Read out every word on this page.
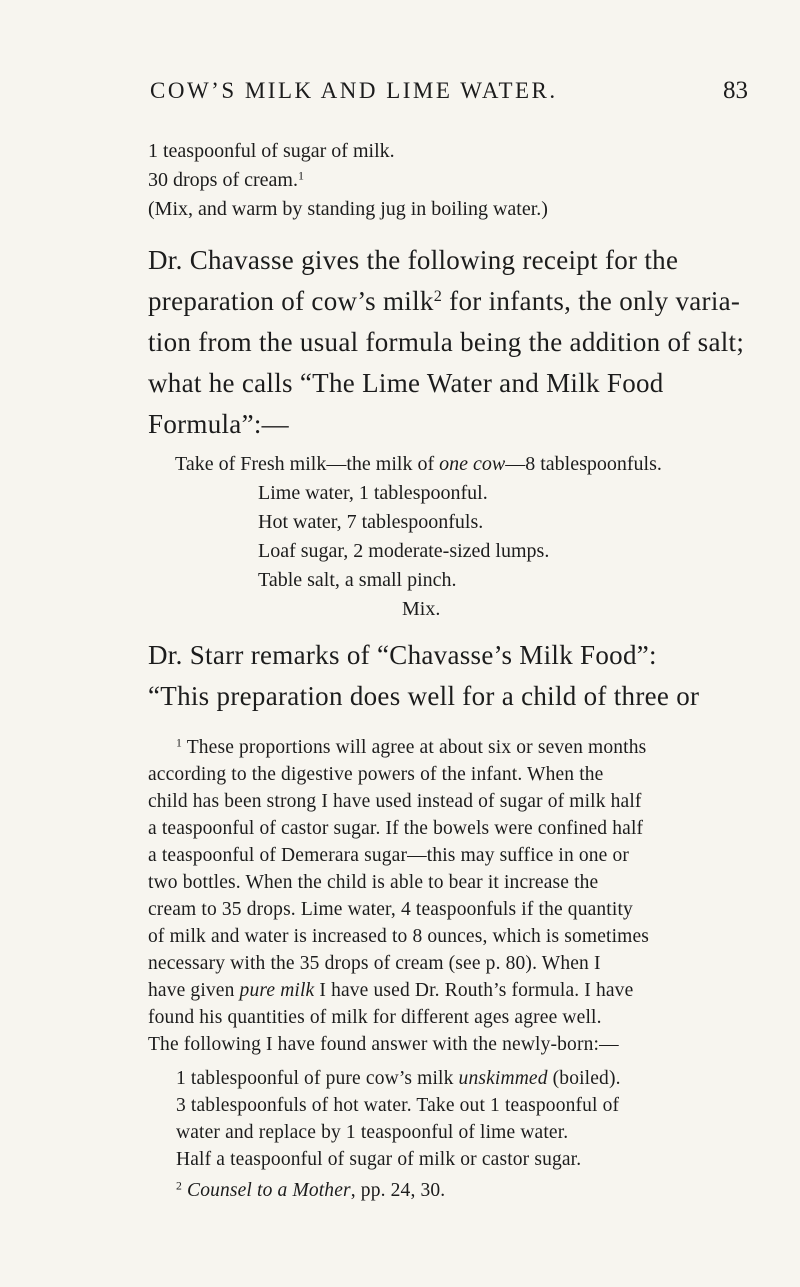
COW’S MILK AND LIME WATER.	83
1 teaspoonful of sugar of milk.
30 drops of cream.$^1$
(Mix, and warm by standing jug in boiling water.)
Dr. Chavasse gives the following receipt for the
preparation of cow’s milk$^2$ for infants, the only varia-
tion from the usual formula being the addition of salt;
what he calls “The Lime Water and Milk Food
Formula”:—
Take of Fresh milk—the milk of one cow—8 tablespoonfuls.
Lime water, 1 tablespoonful.
Hot water, 7 tablespoonfuls.
Loaf sugar, 2 moderate-sized lumps.
Table salt, a small pinch.
Mix.
Dr. Starr remarks of “Chavasse’s Milk Food”:
“This preparation does well for a child of three or
$^1$ These proportions will agree at about six or seven months
according to the digestive powers of the infant. When the
child has been strong I have used instead of sugar of milk half
a teaspoonful of castor sugar. If the bowels were confined half
a teaspoonful of Demerara sugar—this may suffice in one or
two bottles. When the child is able to bear it increase the
cream to 35 drops. Lime water, 4 teaspoonfuls if the quantity
of milk and water is increased to 8 ounces, which is sometimes
necessary with the 35 drops of cream (see p. 80). When I
have given pure milk I have used Dr. Routh’s formula. I have
found his quantities of milk for different ages agree well.
The following I have found answer with the newly-born:—
1 tablespoonful of pure cow’s milk unskimmed (boiled).
3 tablespoonfuls of hot water. Take out 1 teaspoonful of
water and replace by 1 teaspoonful of lime water.
Half a teaspoonful of sugar of milk or castor sugar.
$^2$ Counsel to a Mother, pp. 24, 30.
